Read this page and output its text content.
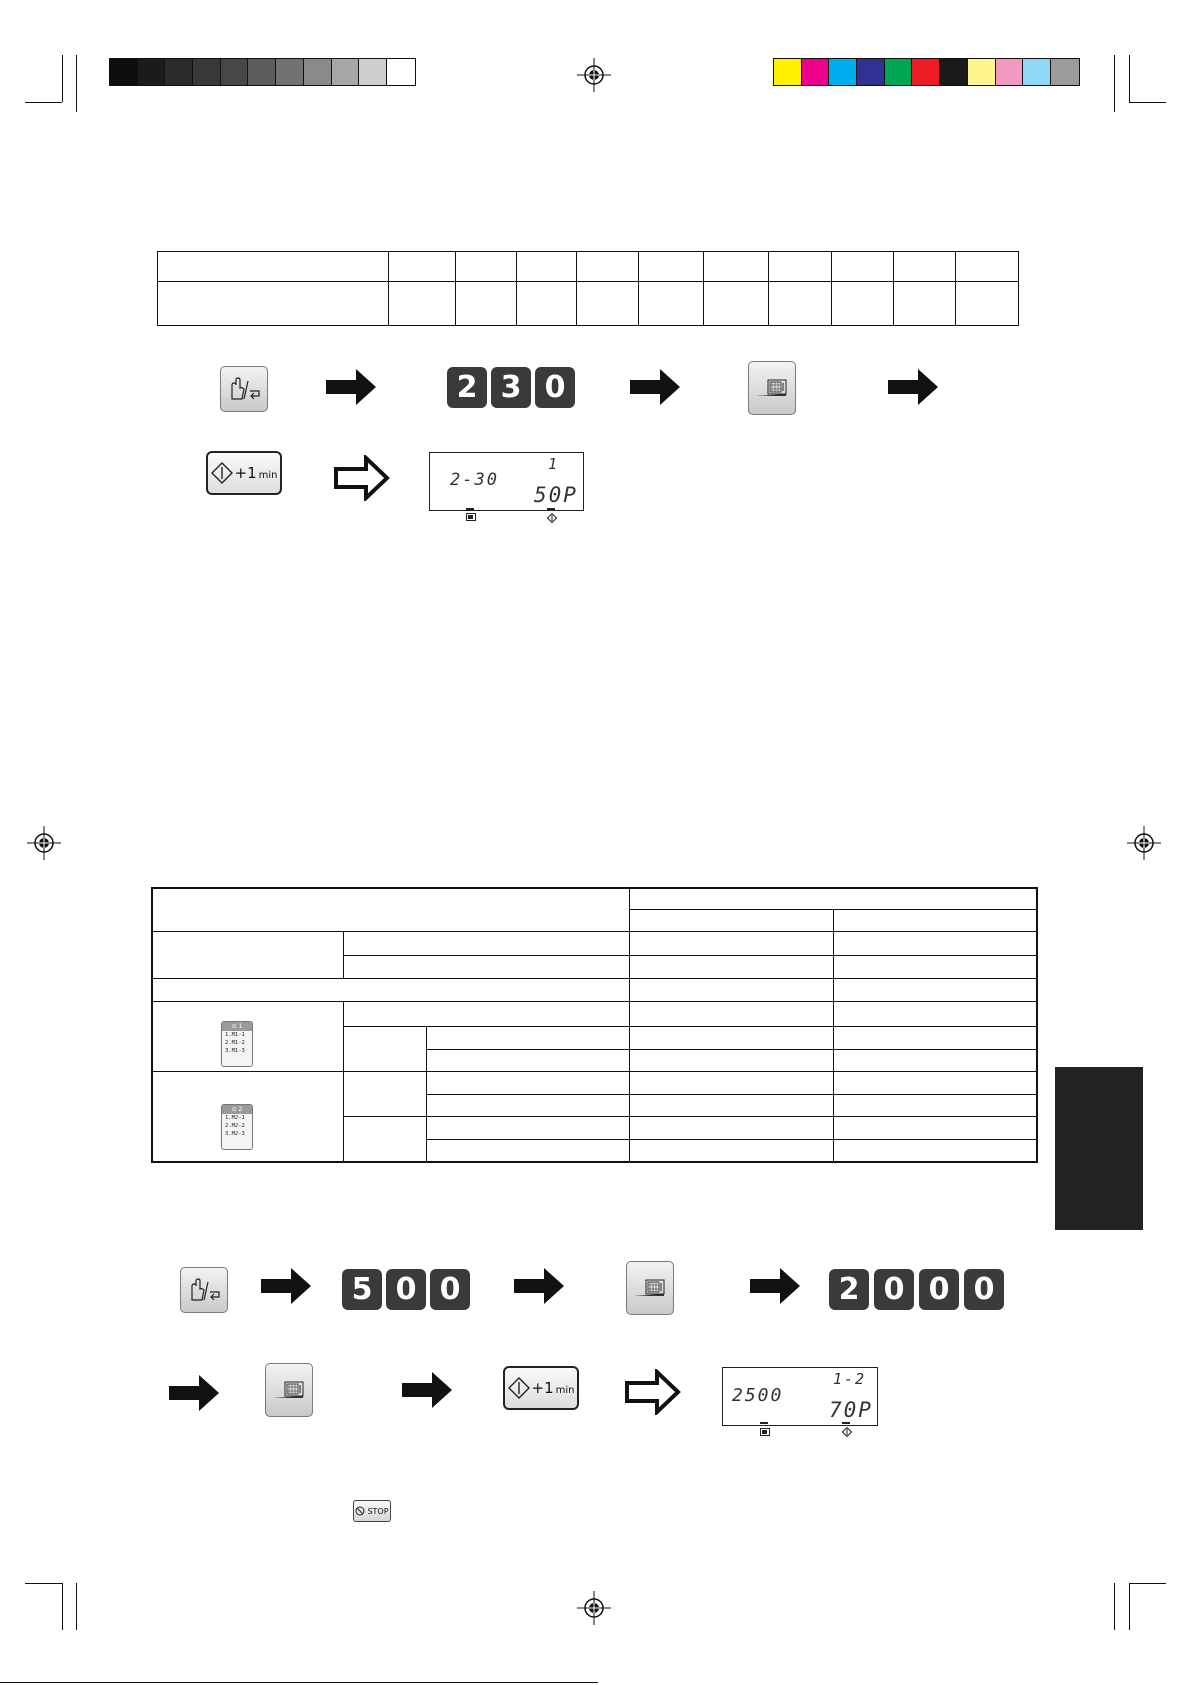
2 3 0
+1 min	2-30
1
50P

⊙ 1
1.M1-1
2.M1-2
3.M1-3
⊙ 2
1.M2-1
2.M2-2
3.M2-3
5 0 0	2 0 0 0
+1 min	2500
1-2
70P
STOP
